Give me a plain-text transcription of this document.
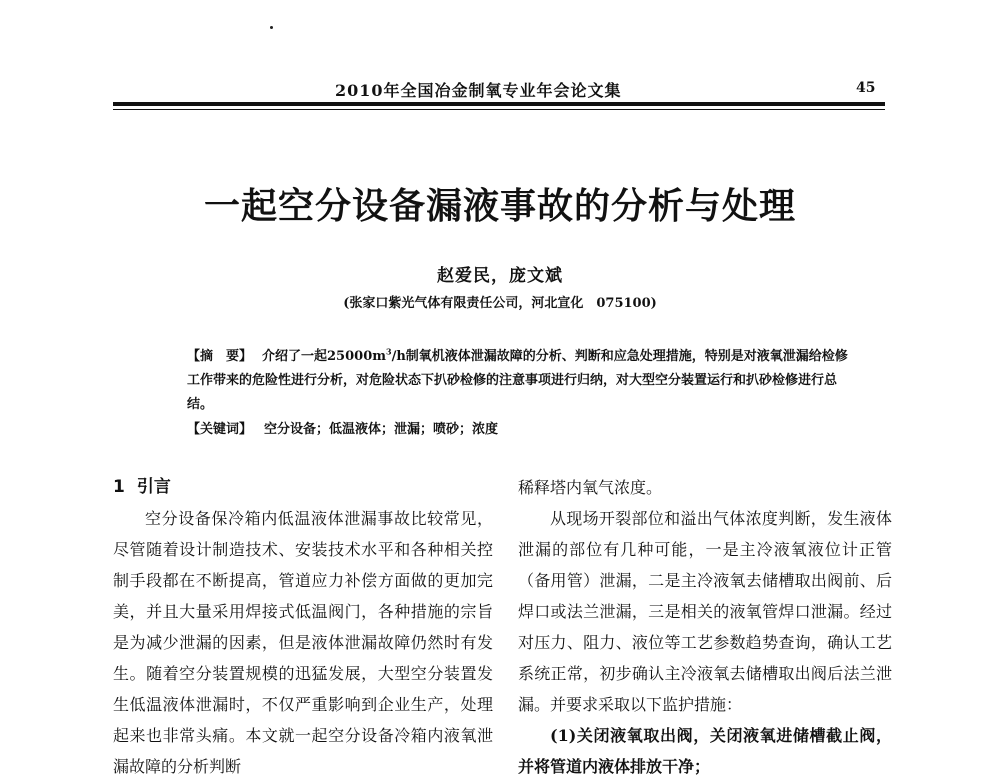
2010年全国冶金制氧专业年会论文集	45
一起空分设备漏液事故的分析与处理
赵爱民，庞文斌
(张家口紫光气体有限责任公司，河北宣化　075100)

【摘　要】 介绍了一起$25000m^3/h$制氧机液体泄漏故障的分析、判断和应急处理措施，特别是对液氧泄漏给检修工作带来的危险性进行分析，对危险状态下扒砂检修的注意事项进行归纳，对大型空分装置运行和扒砂检修进行总结。

【关键词】 空分设备；低温液体；泄漏；喷砂；浓度
1 引言

空分设备保冷箱内低温液体泄漏事故比较常见，尽管随着设计制造技术、安装技术水平和各种相关控制手段都在不断提高，管道应力补偿方面做的更加完美，并且大量采用焊接式低温阀门，各种措施的宗旨是为减少泄漏的因素，但是液体泄漏故障仍然时有发生。随着空分装置规模的迅猛发展，大型空分装置发生低温液体泄漏时，不仅严重影响到企业生产，处理起来也非常头痛。本文就一起空分设备冷箱内液氧泄漏故障的分析判断

稀释塔内氧气浓度。

从现场开裂部位和溢出气体浓度判断，发生液体泄漏的部位有几种可能，一是主冷液氧液位计正管（备用管）泄漏，二是主冷液氧去储槽取出阀前、后焊口或法兰泄漏，三是相关的液氧管焊口泄漏。经过对压力、阻力、液位等工艺参数趋势查询，确认工艺系统正常，初步确认主冷液氧去储槽取出阀后法兰泄漏。并要求采取以下监护措施：

(1)关闭液氧取出阀，关闭液氧进储槽截止阀，并将管道内液体排放干净；
